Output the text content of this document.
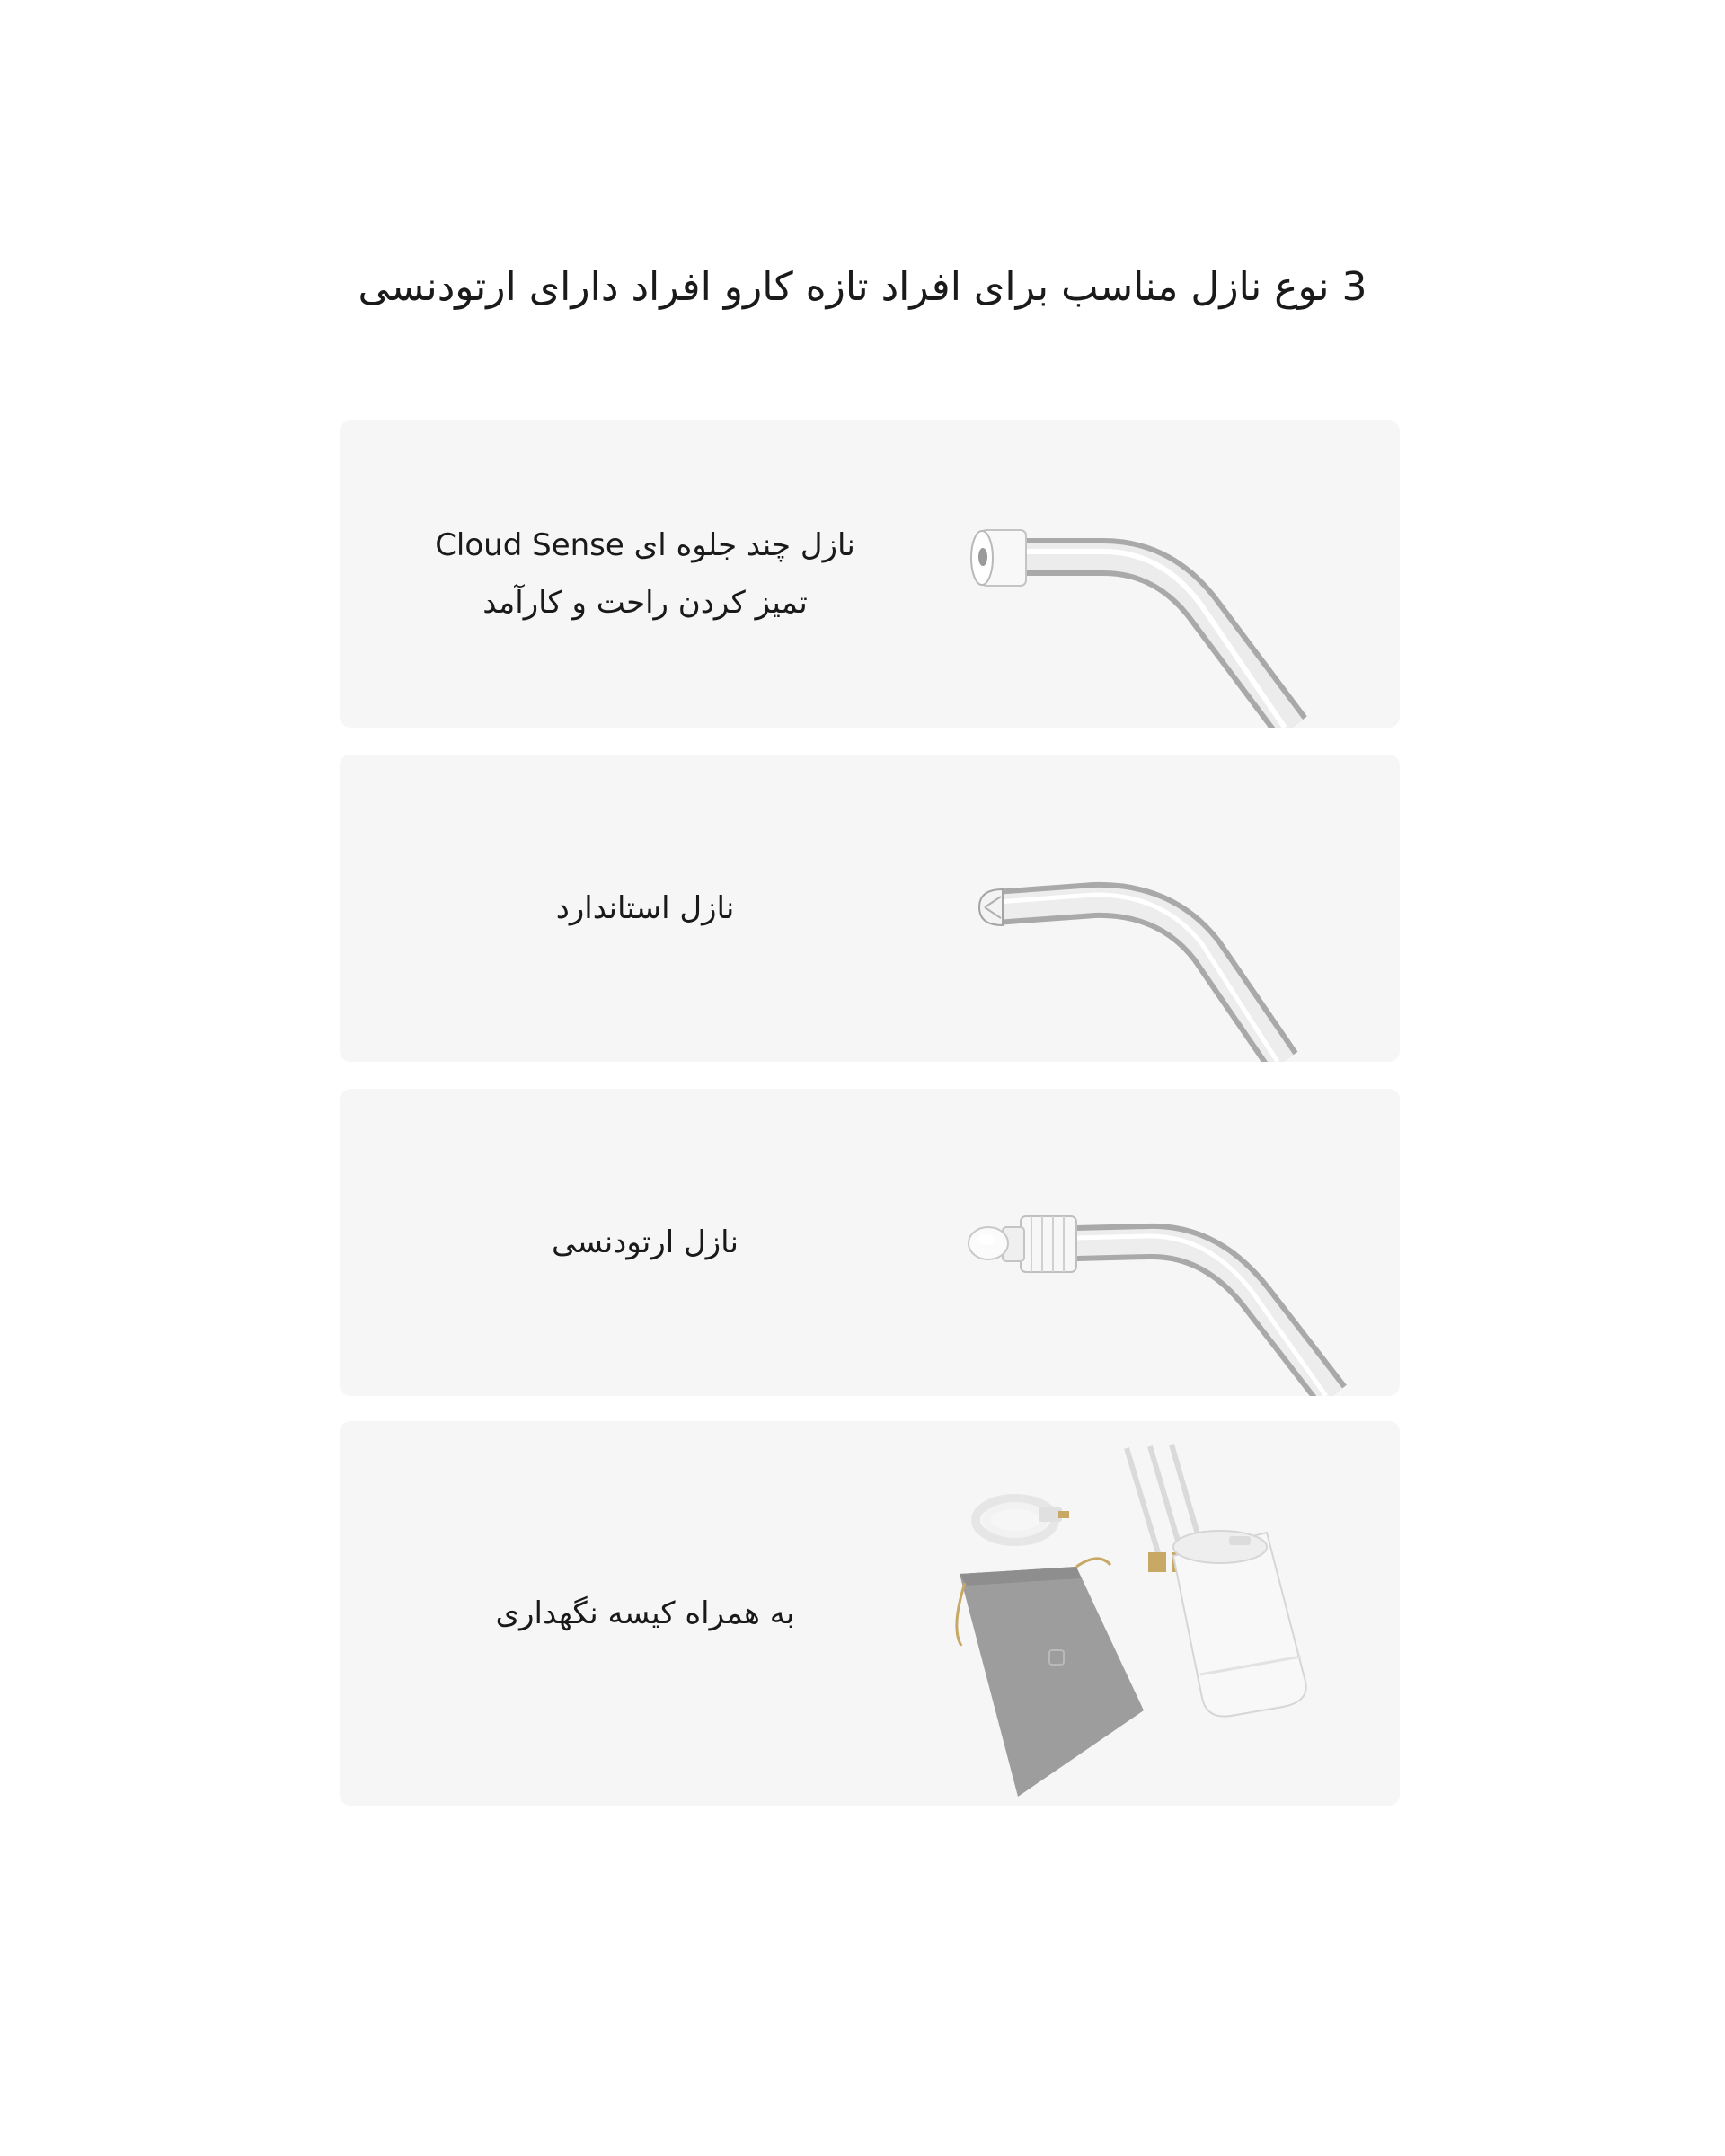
3 نوع نازل مناسب برای افراد تازه کارو افراد دارای ارتودنسی
نازل چند جلوه ای Cloud Sense
تمیز کردن راحت و کارآمد
نازل استاندارد
نازل ارتودنسی
به همراه کیسه نگهداری
